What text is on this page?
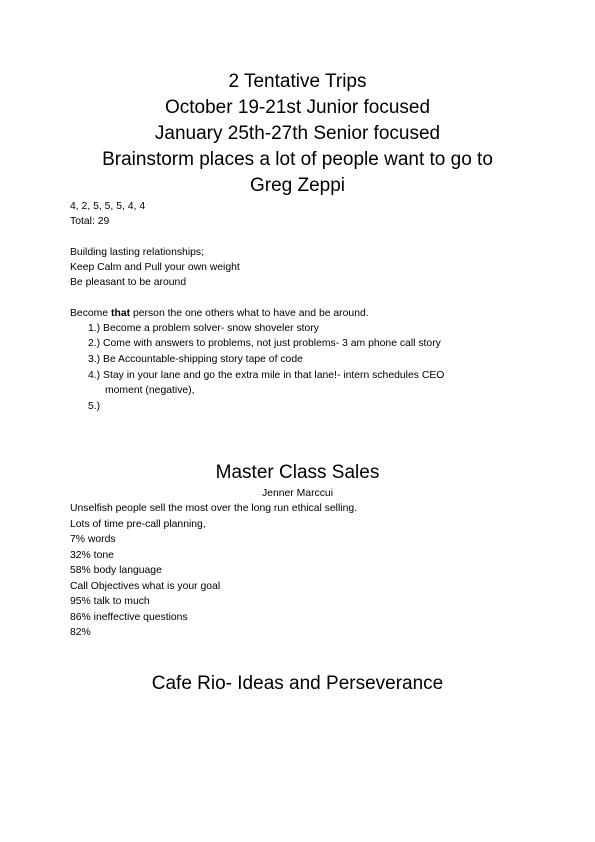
2 Tentative Trips
October 19-21st Junior focused
January 25th-27th Senior focused
Brainstorm places a lot of people want to go to
Greg Zeppi
4, 2, 5, 5, 5, 4, 4
Total: 29
Building lasting relationships;
Keep Calm and Pull your own weight
Be pleasant to be around
Become that person the one others what to have and be around.
1.) Become a problem solver- snow shoveler story
2.) Come with answers to problems, not just problems- 3 am phone call story
3.) Be Accountable-shipping story tape of code
4.) Stay in your lane and go the extra mile in that lane!- intern schedules CEO
moment (negative),
5.)
Master Class Sales
Jenner Marccui
Unselfish people sell the most over the long run ethical selling.
Lots of time pre-call planning,
7% words
32% tone
58% body language
Call Objectives what is your goal
95% talk to much
86% ineffective questions
82%
Cafe Rio- Ideas and Perseverance
